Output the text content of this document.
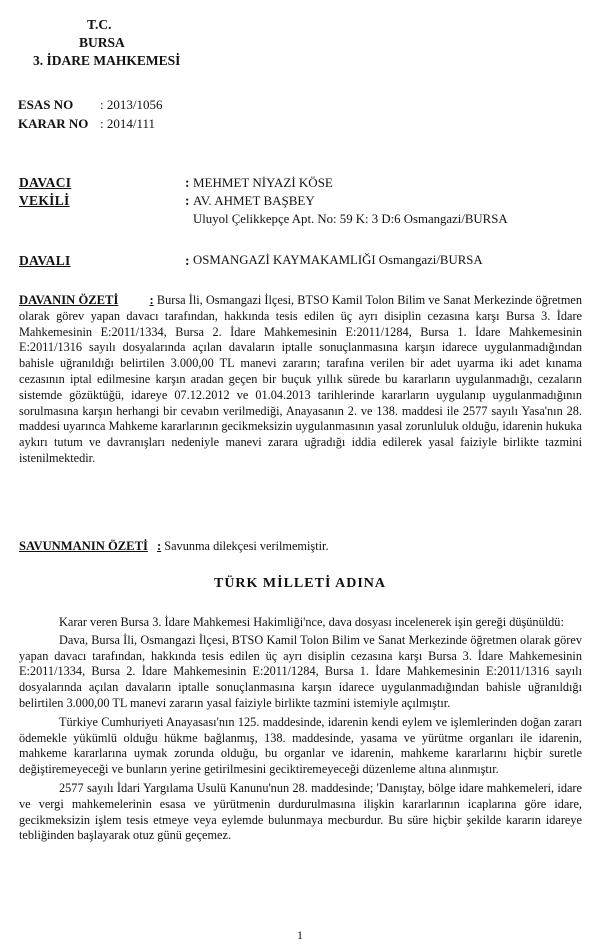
T.C.
BURSA
3. İDARE MAHKEMESİ
ESAS NO : 2013/1056
KARAR NO : 2014/111
DAVACI	: MEHMET NİYAZİ KÖSE
VEKİLİ	: AV. AHMET BAŞBEY
Uluyol Çelikkepçe Apt. No: 59 K: 3 D:6 Osmangazi/BURSA
DAVALI	: OSMANGAZİ KAYMAKAMLIĞI Osmangazi/BURSA

DAVANIN ÖZETİ : Bursa İli, Osmangazi İlçesi, BTSO Kamil Tolon Bilim ve Sanat Merkezinde öğretmen olarak görev yapan davacı tarafından, hakkında tesis edilen üç ayrı disiplin cezasına karşı Bursa 3. İdare Mahkemesinin E:2011/1334, Bursa 2. İdare Mahkemesinin E:2011/1284, Bursa 1. İdare Mahkemesinin E:2011/1316 sayılı dosyalarında açılan davaların iptalle sonuçlanmasına karşın idarece uygulanmadığından bahisle uğranıldığı belirtilen 3.000,00 TL manevi zararın; tarafına verilen bir adet uyarma iki adet kınama cezasının iptal edilmesine karşın aradan geçen bir buçuk yıllık sürede bu kararların uygulanmadığı, cezaların sistemde gözüktüğü, idareye 07.12.2012 ve 01.04.2013 tarihlerinde kararların uygulanıp uygulanmadığının sorulmasına karşın herhangi bir cevabın verilmediği, Anayasanın 2. ve 138. maddesi ile 2577 sayılı Yasa'nın 28. maddesi uyarınca Mahkeme kararlarının gecikmeksizin uygulanmasının yasal zorunluluk olduğu, idarenin hukuka aykırı tutum ve davranışları nedeniyle manevi zarara uğradığı iddia edilerek yasal faiziyle birlikte tazmini istenilmektedir.

SAVUNMANIN ÖZETİ : Savunma dilekçesi verilmemiştir.

TÜRK MİLLETİ ADINA

Karar veren Bursa 3. İdare Mahkemesi Hakimliği'nce, dava dosyası incelenerek işin gereği düşünüldü:

Dava, Bursa İli, Osmangazi İlçesi, BTSO Kamil Tolon Bilim ve Sanat Merkezinde öğretmen olarak görev yapan davacı tarafından, hakkında tesis edilen üç ayrı disiplin cezasına karşı Bursa 3. İdare Mahkemesinin E:2011/1334, Bursa 2. İdare Mahkemesinin E:2011/1284, Bursa 1. İdare Mahkemesinin E:2011/1316 sayılı dosyalarında açılan davaların iptalle sonuçlanmasına karşın idarece uygulanmadığından bahisle uğranıldığı belirtilen 3.000,00 TL manevi zararın yasal faiziyle birlikte tazmini istemiyle açılmıştır.

Türkiye Cumhuriyeti Anayasası'nın 125. maddesinde, idarenin kendi eylem ve işlemlerinden doğan zararı ödemekle yükümlü olduğu hükme bağlanmış, 138. maddesinde, yasama ve yürütme organları ile idarenin, mahkeme kararlarına uymak zorunda olduğu, bu organlar ve idarenin, mahkeme kararlarını hiçbir suretle değiştiremeyeceği ve bunların yerine getirilmesini geciktiremeyeceği düzenleme altına alınmıştır.

2577 sayılı İdari Yargılama Usulü Kanunu'nun 28. maddesinde; 'Danıştay, bölge idare mahkemeleri, idare ve vergi mahkemelerinin esasa ve yürütmenin durdurulmasına ilişkin kararlarının icaplarına göre idare, gecikmeksizin işlem tesis etmeye veya eylemde bulunmaya mecburdur. Bu süre hiçbir şekilde kararın idareye tebliğinden başlayarak otuz günü geçemez.

1
